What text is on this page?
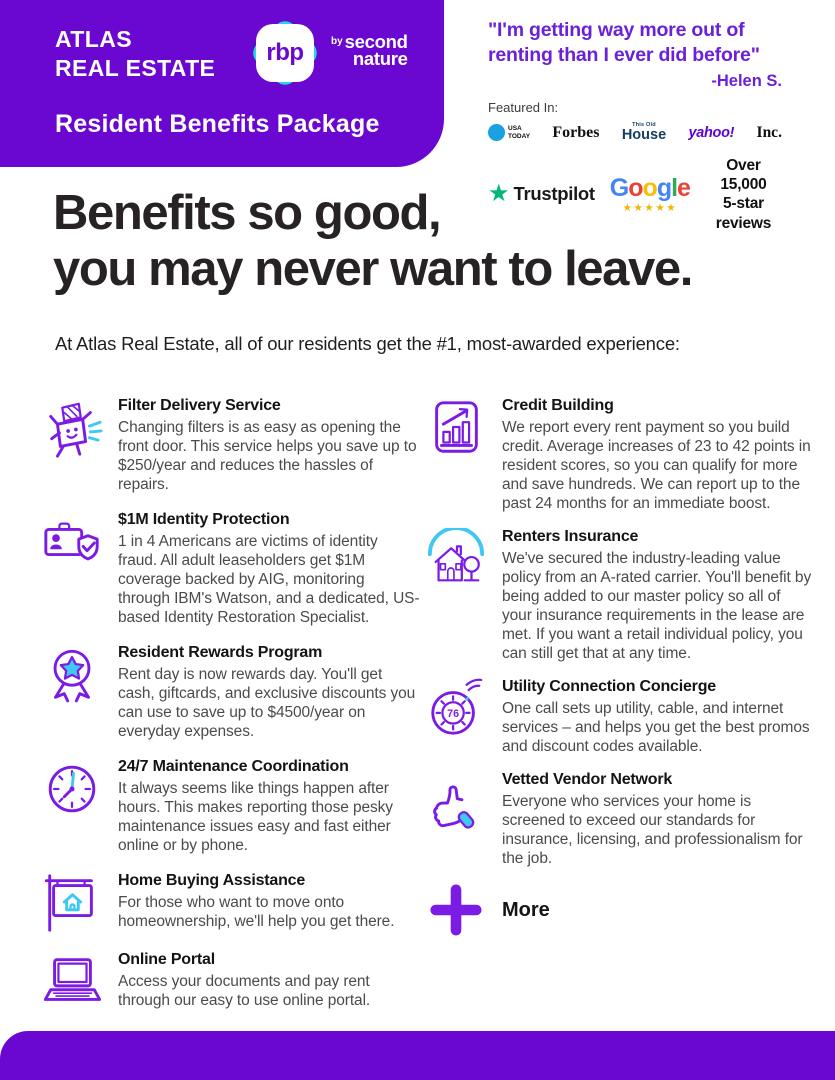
ATLAS
REAL ESTATE
rbp	by second
nature
Resident Benefits Package
"I'm getting way more out of
renting than I ever did before"
-Helen S.
Featured In:
USA
TODAY Forbes	This Old
House yahoo! Inc.
★ Trustpilot Google
★★★★★
Over 15,000
5-star reviews
Benefits so good,
you may never want to leave.

At Atlas Real Estate, all of our residents get the #1, most-awarded experience:

Filter Delivery Service

Changing filters is as easy as opening the front door. This service helps you save up to $250/year and reduces the hassles of repairs.

$1M Identity Protection

1 in 4 Americans are victims of identity fraud. All adult leaseholders get $1M coverage backed by AIG, monitoring through IBM's Watson, and a dedicated, US-based Identity Restoration Specialist.

Resident Rewards Program

Rent day is now rewards day. You'll get cash, giftcards, and exclusive discounts you can use to save up to $4500/year on everyday expenses.

24/7 Maintenance Coordination

It always seems like things happen after hours. This makes reporting those pesky maintenance issues easy and fast either online or by phone.

Home Buying Assistance

For those who want to move onto homeownership, we'll help you get there.

Online Portal

Access your documents and pay rent through our easy to use online portal.

Credit Building

We report every rent payment so you build credit. Average increases of 23 to 42 points in resident scores, so you can qualify for more and save hundreds. We can report up to the past 24 months for an immediate boost.

Renters Insurance

We've secured the industry-leading value policy from an A-rated carrier. You'll benefit by being added to our master policy so all of your insurance requirements in the lease are met. If you want a retail individual policy, you can still get that at any time.

76
Utility Connection Concierge

One call sets up utility, cable, and internet services – and helps you get the best promos and discount codes available.

Vetted Vendor Network

Everyone who services your home is screened to exceed our standards for insurance, licensing, and professionalism for the job.

More
